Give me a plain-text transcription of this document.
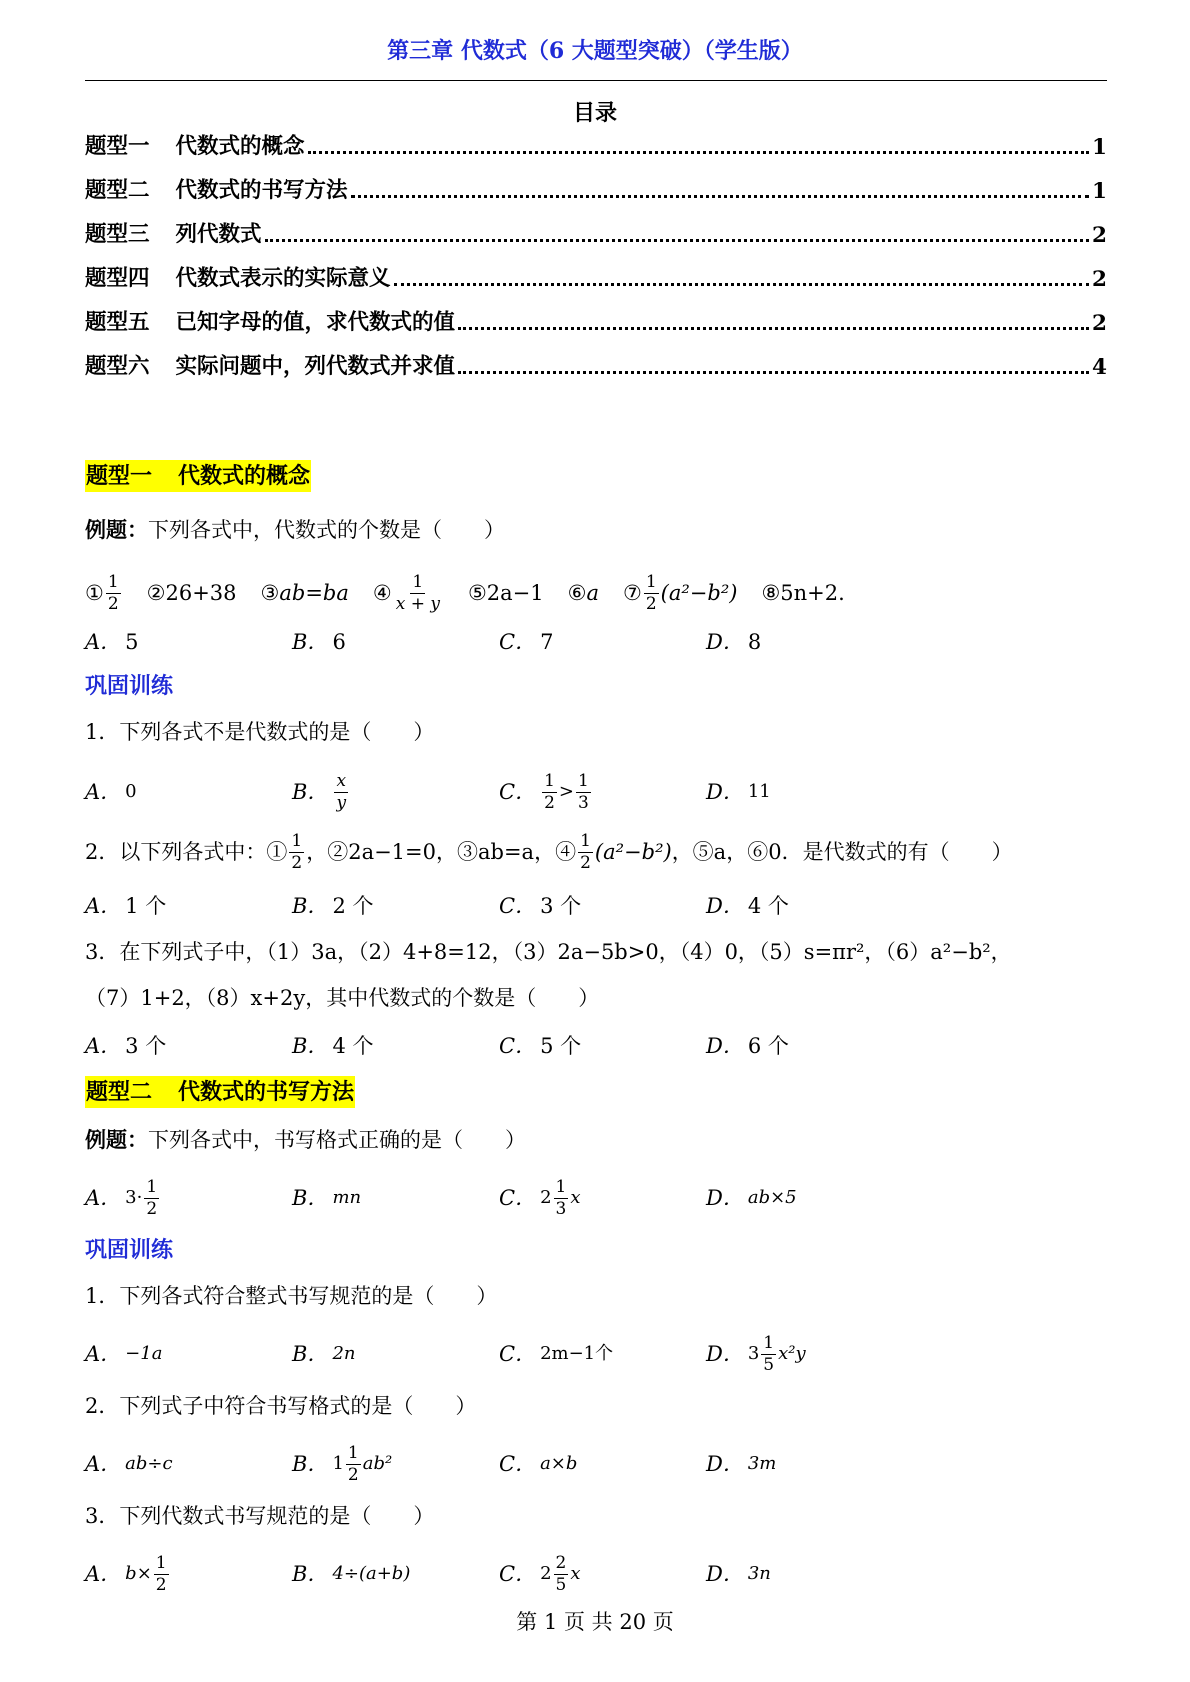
第三章 代数式（6 大题型突破）（学生版）
目录
题型一 代数式的概念	1
题型二 代数式的书写方法	1
题型三 列代数式	2
题型四 代数式表示的实际意义	2
题型五 已知字母的值，求代数式的值	2
题型六 实际问题中，列代数式并求值	4
题型一 代数式的概念
例题：下列各式中，代数式的个数是（　　）
① $\frac{1}{2}$ ②26+38 ③ ab=ba ④ $\frac{1}{x + y}$ ⑤2a−1 ⑥ a ⑦ $\frac{1}{2} (a^2-b^2)$ ⑧5n+2 .
A． 5	B． 6	C． 7	D． 8
巩固训练
1．下列各式不是代数式的是（　　）
A． 0	B． $\frac{x}{y}$	C． $\frac{1}{2} > \frac{1}{3}$	D． 11
2． 以下列各式中：① $\frac{1}{2}$ ，②2a−1=0，③ab=a，④ $\frac{1}{2} (a^2-b^2)$ ，⑤a，⑥0．是代数式的有（　　）
A． 1 个	B． 2 个	C． 3 个	D． 4 个
3．在下列式子中，（1）3a，（2）4+8=12，（3）2a−5b>0，（4）0，（5）s=πr²，（6）a²−b²，
（7）1+2，（8）x+2y，其中代数式的个数是（　　）
A． 3 个	B． 4 个	C． 5 个	D． 6 个
题型二 代数式的书写方法
例题：下列各式中，书写格式正确的是（　　）
A． $3\cdot \frac{1}{2}$	B． mn	C． $2 \frac{1}{3}$ x	D． ab×5
巩固训练
1．下列各式符合整式书写规范的是（　　）
A． −1a	B． 2n	C． 2m−1个	D． $3 \frac{1}{5} x^2y$
2．下列式子中符合书写格式的是（　　）
A． ab÷c	B． $1 \frac{1}{2} ab^2$	C． a×b	D． 3m
3．下列代数式书写规范的是（　　）
A． $b\times \frac{1}{2}$	B． 4÷(a+b)	C． $2 \frac{2}{5}$ x	D． 3n
第 1 页 共 20 页
